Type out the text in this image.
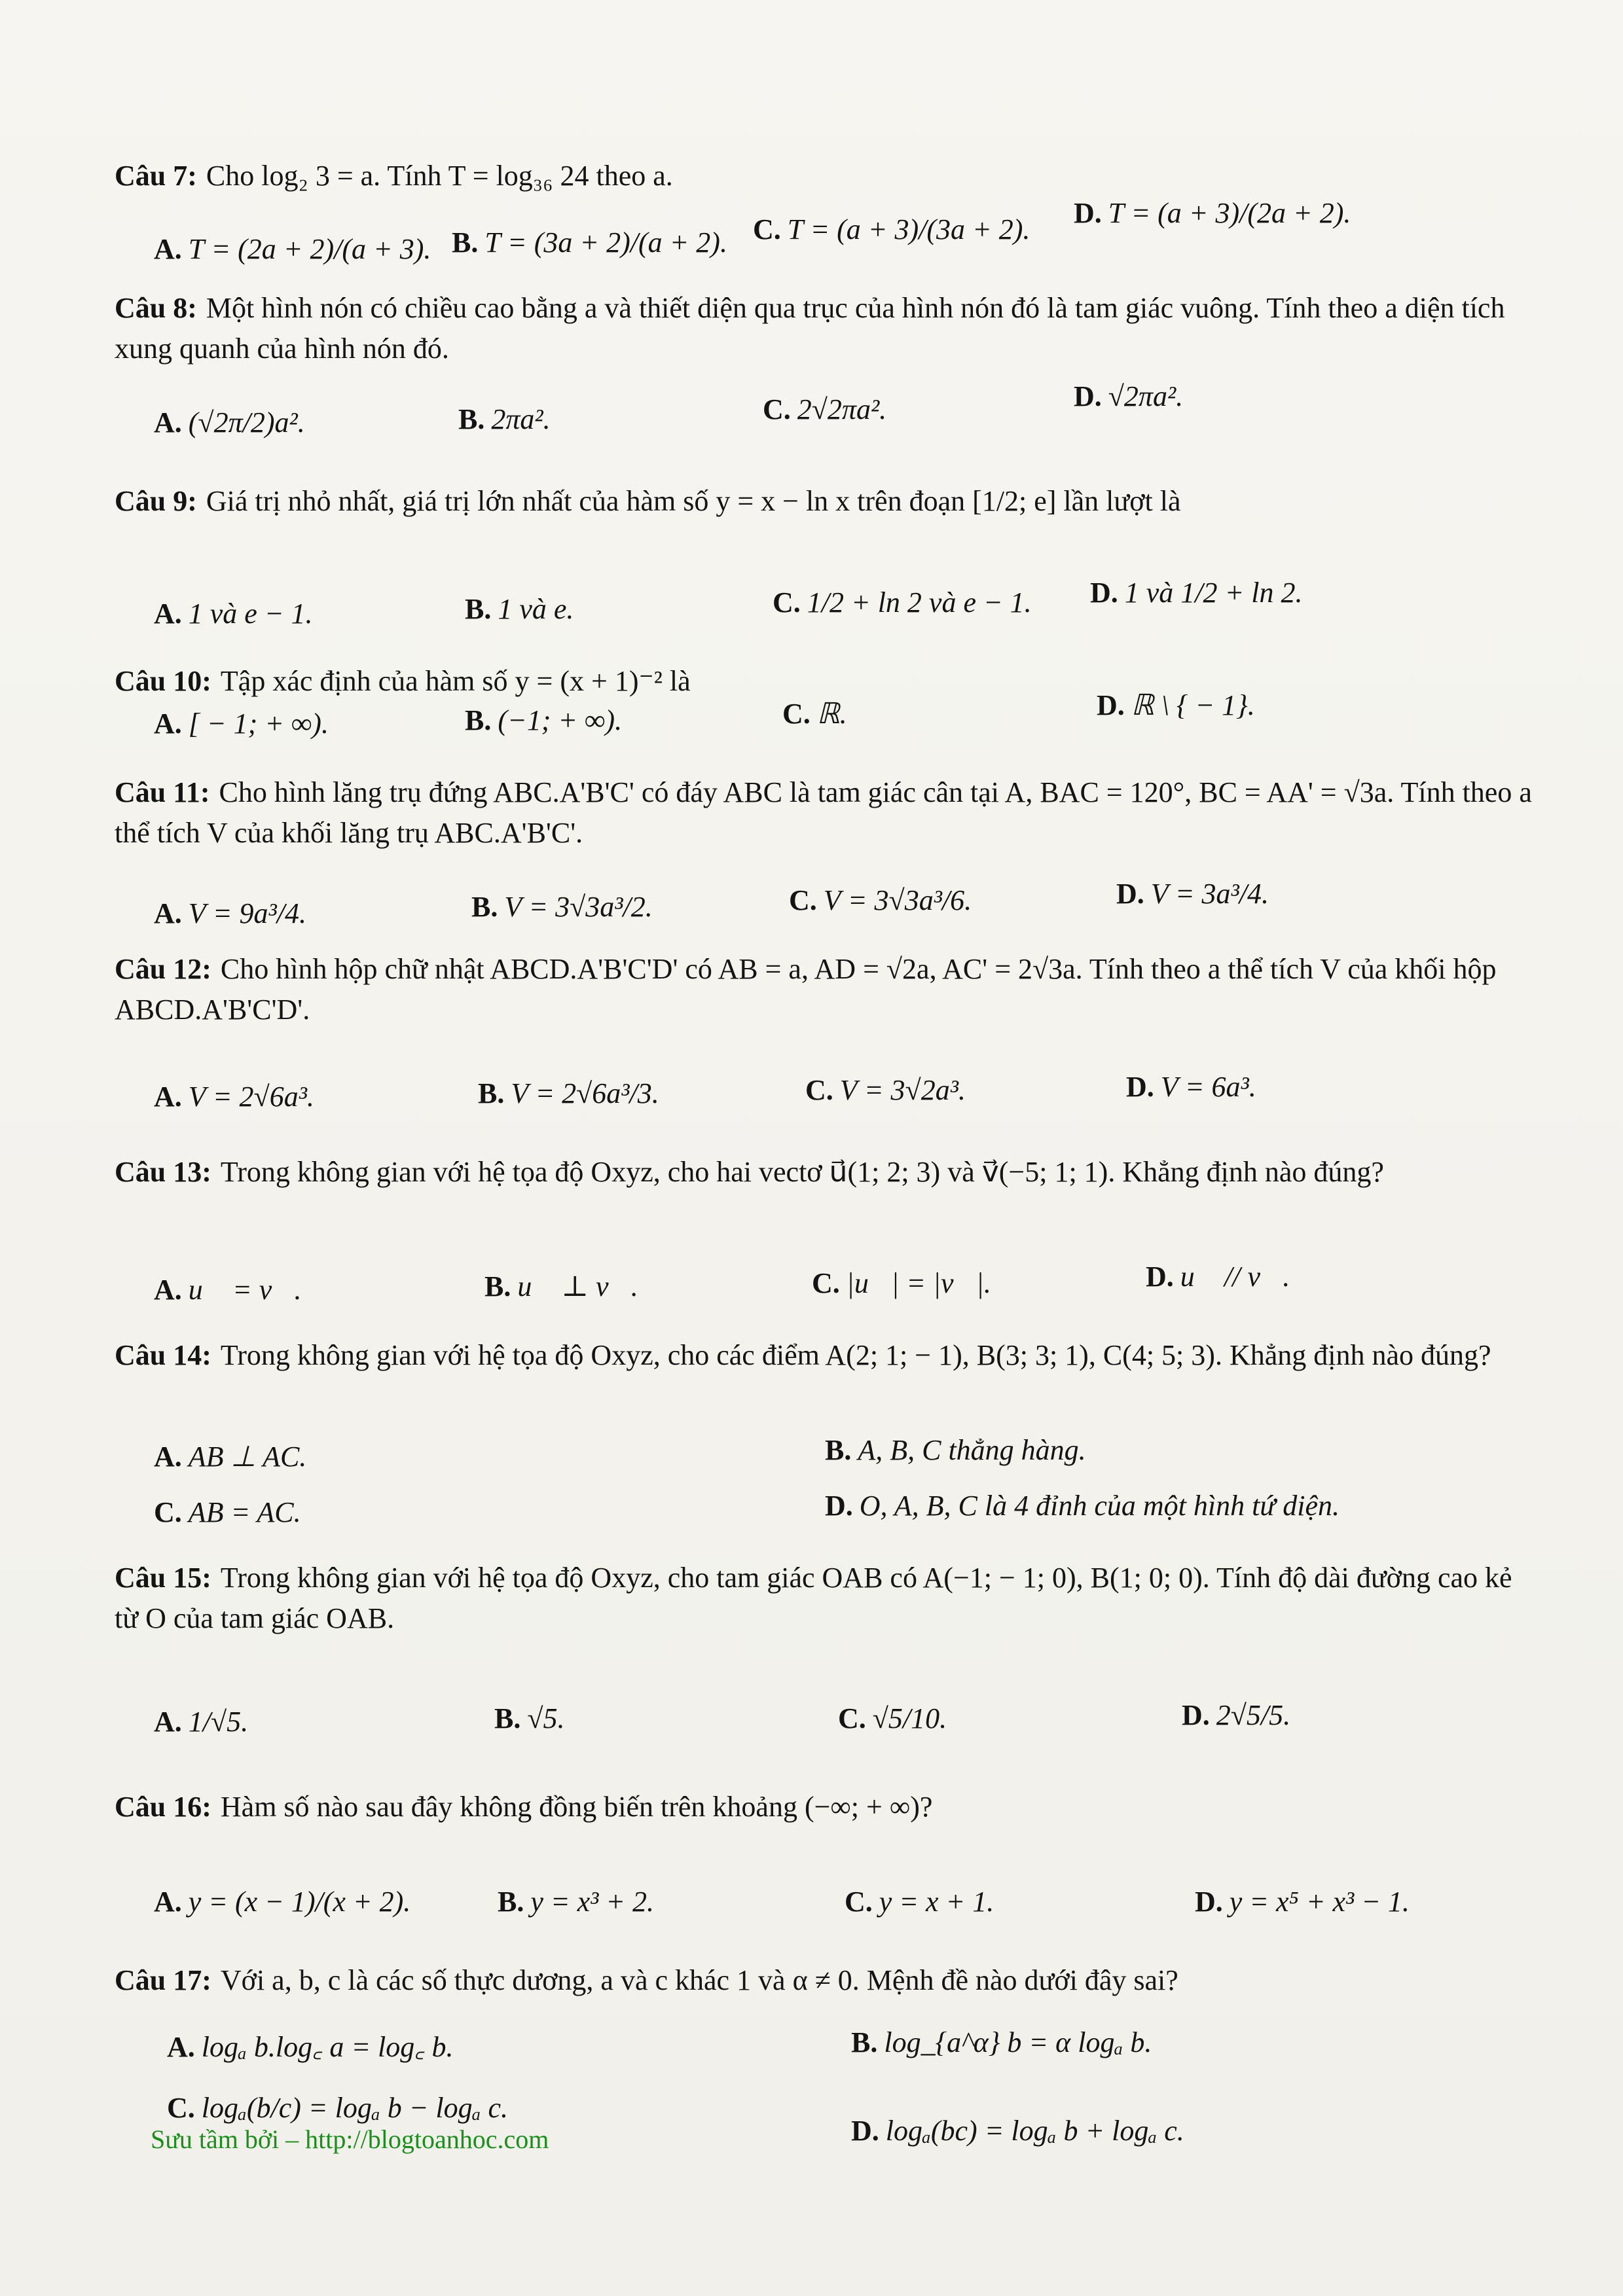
Câu 7: Cho log₂ 3 = a. Tính T = log₃₆ 24 theo a.
A. T = (2a + 2)/(a + 3). B. T = (3a + 2)/(a + 2). C. T = (a + 3)/(3a + 2).
D. T = (a + 3)/(2a + 2).
Câu 8: Một hình nón có chiều cao bằng a và thiết diện qua trục của hình nón đó là tam giác vuông. Tính theo a diện tích xung quanh của hình nón đó.
A. (√2π/2)a².	B. 2πa².	C. 2√2πa².	D. √2πa².
Câu 9: Giá trị nhỏ nhất, giá trị lớn nhất của hàm số y = x − ln x trên đoạn [1/2; e] lần lượt là
A. 1 và e − 1.	B. 1 và e.	C. 1/2 + ln 2 và e − 1. D. 1 và 1/2 + ln 2.
Câu 10: Tập xác định của hàm số y = (x + 1)⁻² là
A. [ − 1; + ∞).	B. (−1; + ∞).	C. ℝ.	D. ℝ \ { − 1}.
Câu 11: Cho hình lăng trụ đứng ABC.A'B'C' có đáy ABC là tam giác cân tại A, BAC = 120°, BC = AA' = √3a. Tính theo a thể tích V của khối lăng trụ ABC.A'B'C'.
A. V = 9a³/4.	B. V = 3√3a³/2.	C. V = 3√3a³/6.	D. V = 3a³/4.
Câu 12: Cho hình hộp chữ nhật ABCD.A'B'C'D' có AB = a, AD = √2a, AC' = 2√3a. Tính theo a thể tích V của khối hộp ABCD.A'B'C'D'.
A. V = 2√6a³.	B. V = 2√6a³/3.	C. V = 3√2a³.	D. V = 6a³.
Câu 13: Trong không gian với hệ tọa độ Oxyz, cho hai vectơ u⃗(1; 2; 3) và v⃗(−5; 1; 1). Khẳng định nào đúng?
A. u⃗ = v⃗.	B. u⃗ ⊥ v⃗.	C. |u⃗| = |v⃗|.	D. u⃗ // v⃗.
Câu 14: Trong không gian với hệ tọa độ Oxyz, cho các điểm A(2; 1; − 1), B(3; 3; 1), C(4; 5; 3). Khẳng định nào đúng?
A. AB ⊥ AC.	B. A, B, C thẳng hàng.
C. AB = AC.	D. O, A, B, C là 4 đỉnh của một hình tứ diện.
Câu 15: Trong không gian với hệ tọa độ Oxyz, cho tam giác OAB có A(−1; − 1; 0), B(1; 0; 0). Tính độ dài đường cao kẻ từ O của tam giác OAB.
A. 1/√5.	B. √5.	C. √5/10.	D. 2√5/5.
Câu 16: Hàm số nào sau đây không đồng biến trên khoảng (−∞; + ∞)?
A. y = (x − 1)/(x + 2).	B. y = x³ + 2.	C. y = x + 1.	D. y = x⁵ + x³ − 1.
Câu 17: Với a, b, c là các số thực dương, a và c khác 1 và α ≠ 0. Mệnh đề nào dưới đây sai?
A. logₐ b.log꜀ a = log꜀ b.	B. log_{a^α} b = α logₐ b.
C. logₐ(b/c) = logₐ b − logₐ c.
D. logₐ(bc) = logₐ b + logₐ c.
Sưu tầm bởi – http://blogtoanhoc.com
